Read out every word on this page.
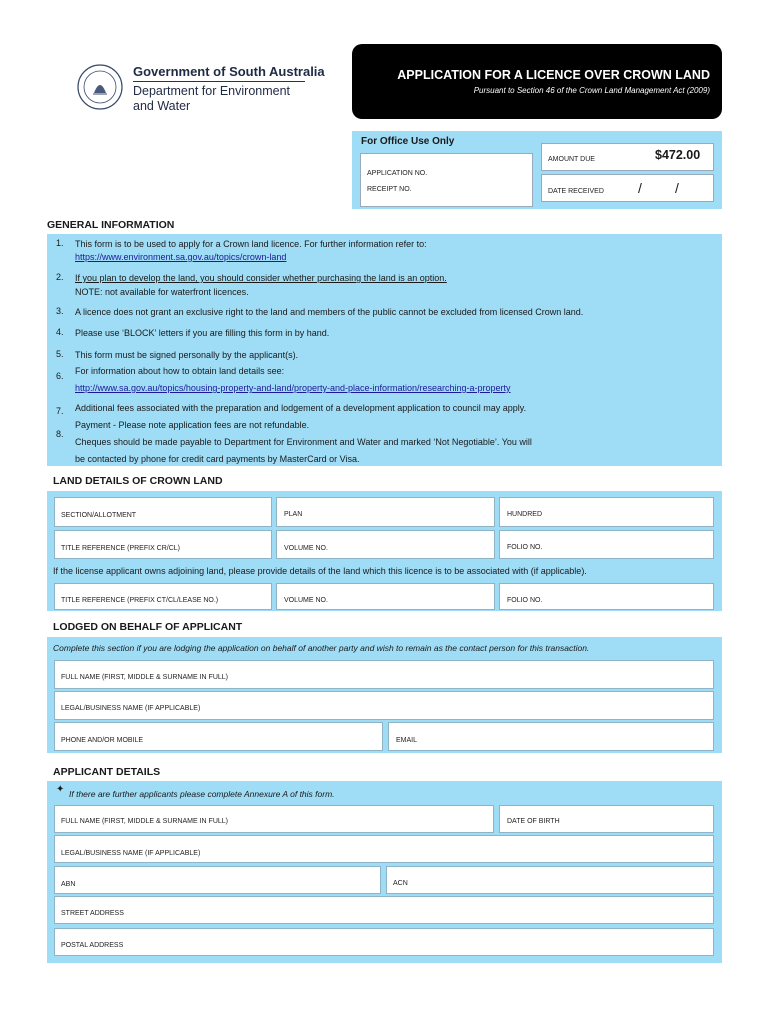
Government of South Australia
Department for Environment
and Water
APPLICATION FOR A LICENCE OVER CROWN LAND
Pursuant to Section 46 of the Crown Land Management Act (2009)
For Office Use Only
APPLICATION NO.
RECEIPT NO.
AMOUNT DUE	$472.00
DATE RECEIVED / /
GENERAL INFORMATION
1. This form is to be used to apply for a Crown land licence. For further information refer to:
https://www.environment.sa.gov.au/topics/crown-land
2. If you plan to develop the land, you should consider whether purchasing the land is an option.
NOTE: not available for waterfront licences.
3. A licence does not grant an exclusive right to the land and members of the public cannot be excluded from licensed Crown land.
4. Please use ‘BLOCK’ letters if you are filling this form in by hand.
5. This form must be signed personally by the applicant(s).
6. For information about how to obtain land details see:
http://www.sa.gov.au/topics/housing-property-and-land/property-and-place-information/researching-a-property
7. Additional fees associated with the preparation and lodgement of a development application to council may apply.
8.
Payment - Please note application fees are not refundable.
Cheques should be made payable to Department for Environment and Water and marked ‘Not Negotiable’. You will
be contacted by phone for credit card payments by MasterCard or Visa.
LAND DETAILS OF CROWN LAND
SECTION/ALLOTMENT	PLAN	HUNDRED
TITLE REFERENCE (PREFIX CR/CL)	VOLUME NO.	FOLIO NO.
If the license applicant owns adjoining land, please provide details of the land which this licence is to be associated with (if applicable).
TITLE REFERENCE (PREFIX CT/CL/LEASE NO.)	VOLUME NO.	FOLIO NO.
LODGED ON BEHALF OF APPLICANT
Complete this section if you are lodging the application on behalf of another party and wish to remain as the contact person for this transaction.
FULL NAME (FIRST, MIDDLE & SURNAME IN FULL)
LEGAL/BUSINESS NAME (IF APPLICABLE)
PHONE AND/OR MOBILE	EMAIL
APPLICANT DETAILS
✦ If there are further applicants please complete Annexure A of this form.
FULL NAME (FIRST, MIDDLE & SURNAME IN FULL)	DATE OF BIRTH
LEGAL/BUSINESS NAME (IF APPLICABLE)
ABN	ACN
STREET ADDRESS
POSTAL ADDRESS
